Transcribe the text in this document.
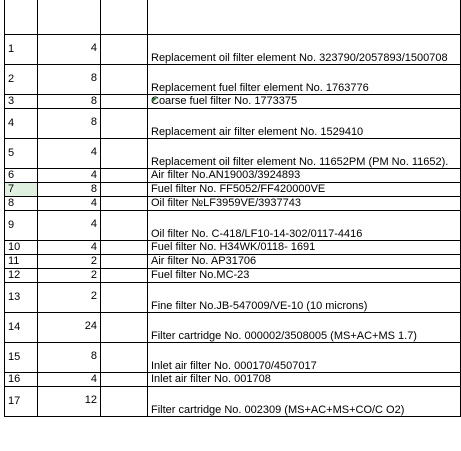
1	4		Replacement oil filter element No. 323790/2057893/1500708
2	8		Replacement fuel filter element No. 1763776
3	8		Coarse fuel filter No. 1773375
4	8		Replacement air filter element No. 1529410
5	4		Replacement oil filter element No. 11652PM (PM No. 11652).
6	4		Air filter No.AN19003/3924893
7	8		Fuel filter No. FF5052/FF420000VE
8	4		Oil filter №LF3959VE/3937743
9	4		Oil filter No. C-418/LF10-14-302/0117-4416
10	4		Fuel filter No. H34WK/0118- 1691
11	2		Air filter No. AP31706
12	2		Fuel filter No.MC-23
13	2		Fine filter No.JB-547009/VE-10 (10 microns)
14	24		Filter cartridge No. 000002/3508005 (MS+AC+MS 1.7)
15	8		Inlet air filter No. 000170/4507017
16	4		Inlet air filter No. 001708
17	12		Filter cartridge No. 002309 (MS+AC+MS+CO/C O2)
